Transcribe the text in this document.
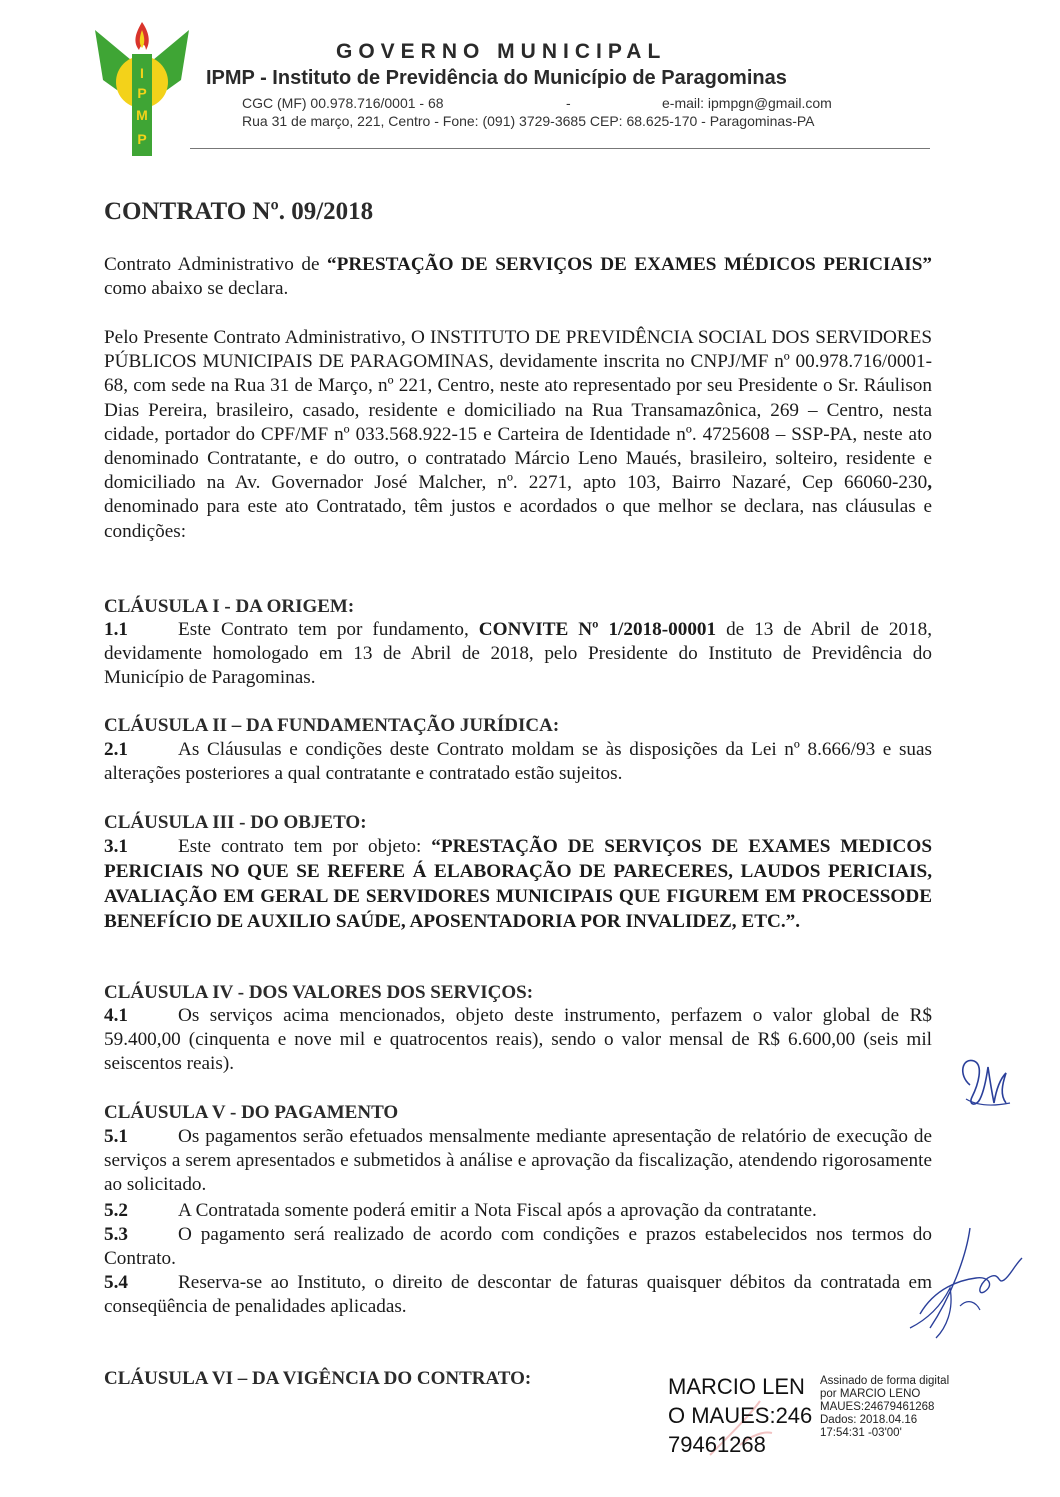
I
P
M
P
GOVERNO MUNICIPAL
IPMP - Instituto de Previdência do Município de Paragominas
CGC (MF) 00.978.716/0001 - 68	-	e-mail: ipmpgn@gmail.com
Rua 31 de março, 221, Centro - Fone: (091) 3729-3685 CEP: 68.625-170 - Paragominas-PA
CONTRATO Nº. 09/2018
Contrato Administrativo de “PRESTAÇÃO DE SERVIÇOS DE EXAMES MÉDICOS PERICIAIS” como abaixo se declara.
Pelo Presente Contrato Administrativo, O INSTITUTO DE PREVIDÊNCIA SOCIAL DOS SERVIDORES PÚBLICOS MUNICIPAIS DE PARAGOMINAS, devidamente inscrita no CNPJ/MF nº 00.978.716/0001-68, com sede na Rua 31 de Março, nº 221, Centro, neste ato representado por seu Presidente o Sr. Ráulison Dias Pereira, brasileiro, casado, residente e domiciliado na Rua Transamazônica, 269 – Centro, nesta cidade, portador do CPF/MF nº 033.568.922-15 e Carteira de Identidade nº. 4725608 – SSP-PA, neste ato denominado Contratante, e do outro, o contratado Márcio Leno Maués, brasileiro, solteiro, residente e domiciliado na Av. Governador José Malcher, nº. 2271, apto 103, Bairro Nazaré, Cep 66060-230, denominado para este ato Contratado, têm justos e acordados o que melhor se declara, nas cláusulas e condições:
CLÁUSULA I - DA ORIGEM:
1.1	Este Contrato tem por fundamento, CONVITE Nº 1/2018-00001 de 13 de Abril de 2018, devidamente homologado em 13 de Abril de 2018, pelo Presidente do Instituto de Previdência do Município de Paragominas.
CLÁUSULA II – DA FUNDAMENTAÇÃO JURÍDICA:
2.1	As Cláusulas e condições deste Contrato moldam se às disposições da Lei nº 8.666/93 e suas alterações posteriores a qual contratante e contratado estão sujeitos.
CLÁUSULA III - DO OBJETO:
3.1	Este contrato tem por objeto: “PRESTAÇÃO DE SERVIÇOS DE EXAMES MEDICOS PERICIAIS NO QUE SE REFERE Á ELABORAÇÃO DE PARECERES, LAUDOS PERICIAIS, AVALIAÇÃO EM GERAL DE SERVIDORES MUNICIPAIS QUE FIGUREM EM PROCESSODE BENEFÍCIO DE AUXILIO SAÚDE, APOSENTADORIA POR INVALIDEZ, ETC.”.
CLÁUSULA IV - DOS VALORES DOS SERVIÇOS:
4.1	Os serviços acima mencionados, objeto deste instrumento, perfazem o valor global de R$ 59.400,00 (cinquenta e nove mil e quatrocentos reais), sendo o valor mensal de R$ 6.600,00 (seis mil seiscentos reais).
CLÁUSULA V - DO PAGAMENTO
5.1	Os pagamentos serão efetuados mensalmente mediante apresentação de relatório de execução de serviços a serem apresentados e submetidos à análise e aprovação da fiscalização, atendendo rigorosamente ao solicitado.
5.2	A Contratada somente poderá emitir a Nota Fiscal após a aprovação da contratante.
5.3	O pagamento será realizado de acordo com condições e prazos estabelecidos nos termos do Contrato.
5.4	Reserva-se ao Instituto, o direito de descontar de faturas quaisquer débitos da contratada em conseqüência de penalidades aplicadas.
CLÁUSULA VI – DA VIGÊNCIA DO CONTRATO:	MARCIO LENO MAUES:24679461268
Assinado de forma digital
por MARCIO LENO
MAUES:24679461268
Dados: 2018.04.16
17:54:31 -03'00'
